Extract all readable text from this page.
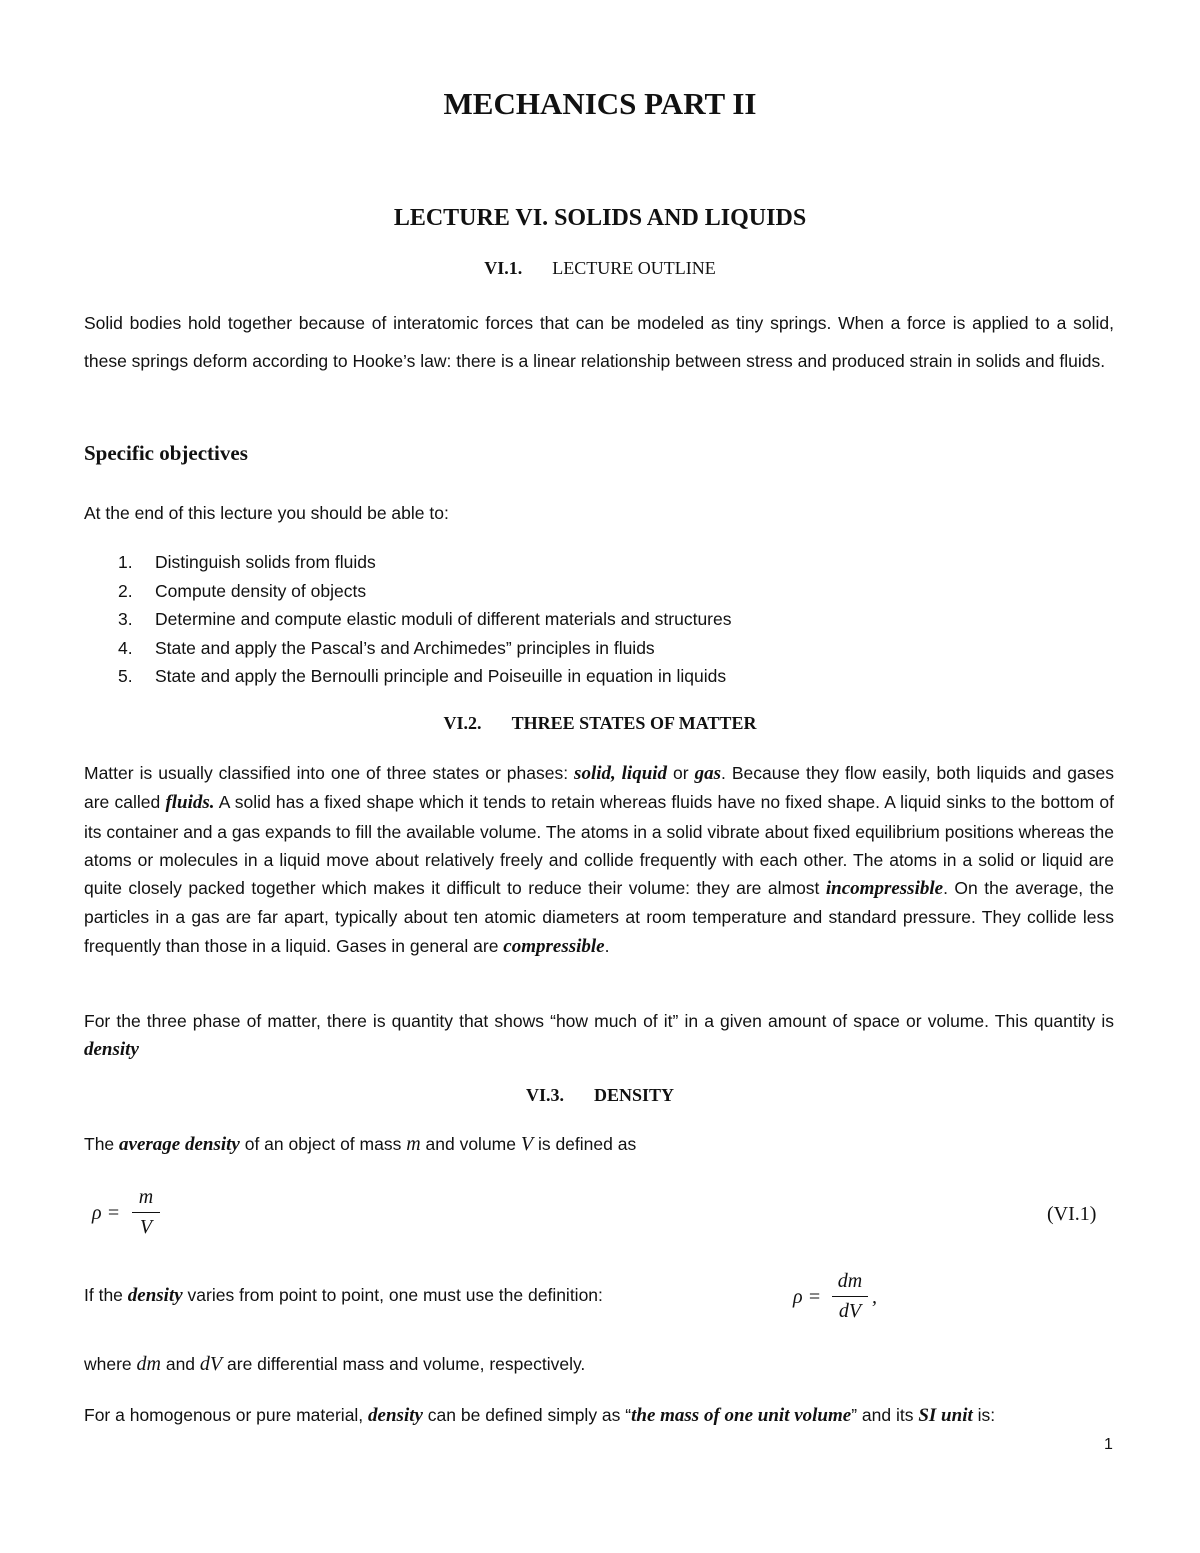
MECHANICS PART II
LECTURE VI. SOLIDS AND LIQUIDS
VI.1. LECTURE OUTLINE
Solid bodies hold together because of interatomic forces that can be modeled as tiny springs. When a force is applied to a solid, these springs deform according to Hooke’s law: there is a linear relationship between stress and produced strain in solids and fluids.
Specific objectives
At the end of this lecture you should be able to:
1. Distinguish solids from fluids
2. Compute density of objects
3. Determine and compute elastic moduli of different materials and structures
4. State and apply the Pascal’s and Archimedes” principles in fluids
5. State and apply the Bernoulli principle and Poiseuille in equation in liquids
VI.2. THREE STATES OF MATTER
Matter is usually classified into one of three states or phases: solid, liquid or gas. Because they flow easily, both liquids and gases are called fluids. A solid has a fixed shape which it tends to retain whereas fluids have no fixed shape. A liquid sinks to the bottom of its container and a gas expands to fill the available volume. The atoms in a solid vibrate about fixed equilibrium positions whereas the atoms or molecules in a liquid move about relatively freely and collide frequently with each other. The atoms in a solid or liquid are quite closely packed together which makes it difficult to reduce their volume: they are almost incompressible. On the average, the particles in a gas are far apart, typically about ten atomic diameters at room temperature and standard pressure. They collide less frequently than those in a liquid. Gases in general are compressible.
For the three phase of matter, there is quantity that shows “how much of it” in a given amount of space or volume. This quantity is density
VI.3. DENSITY
The average density of an object of mass m and volume V is defined as
ρ =
m
V
(VI.1)
If the density varies from point to point, one must use the definition:	ρ =
dm
dV
,
where dm and dV are differential mass and volume, respectively.
For a homogenous or pure material, density can be defined simply as “the mass of one unit volume” and its SI unit is:
1
